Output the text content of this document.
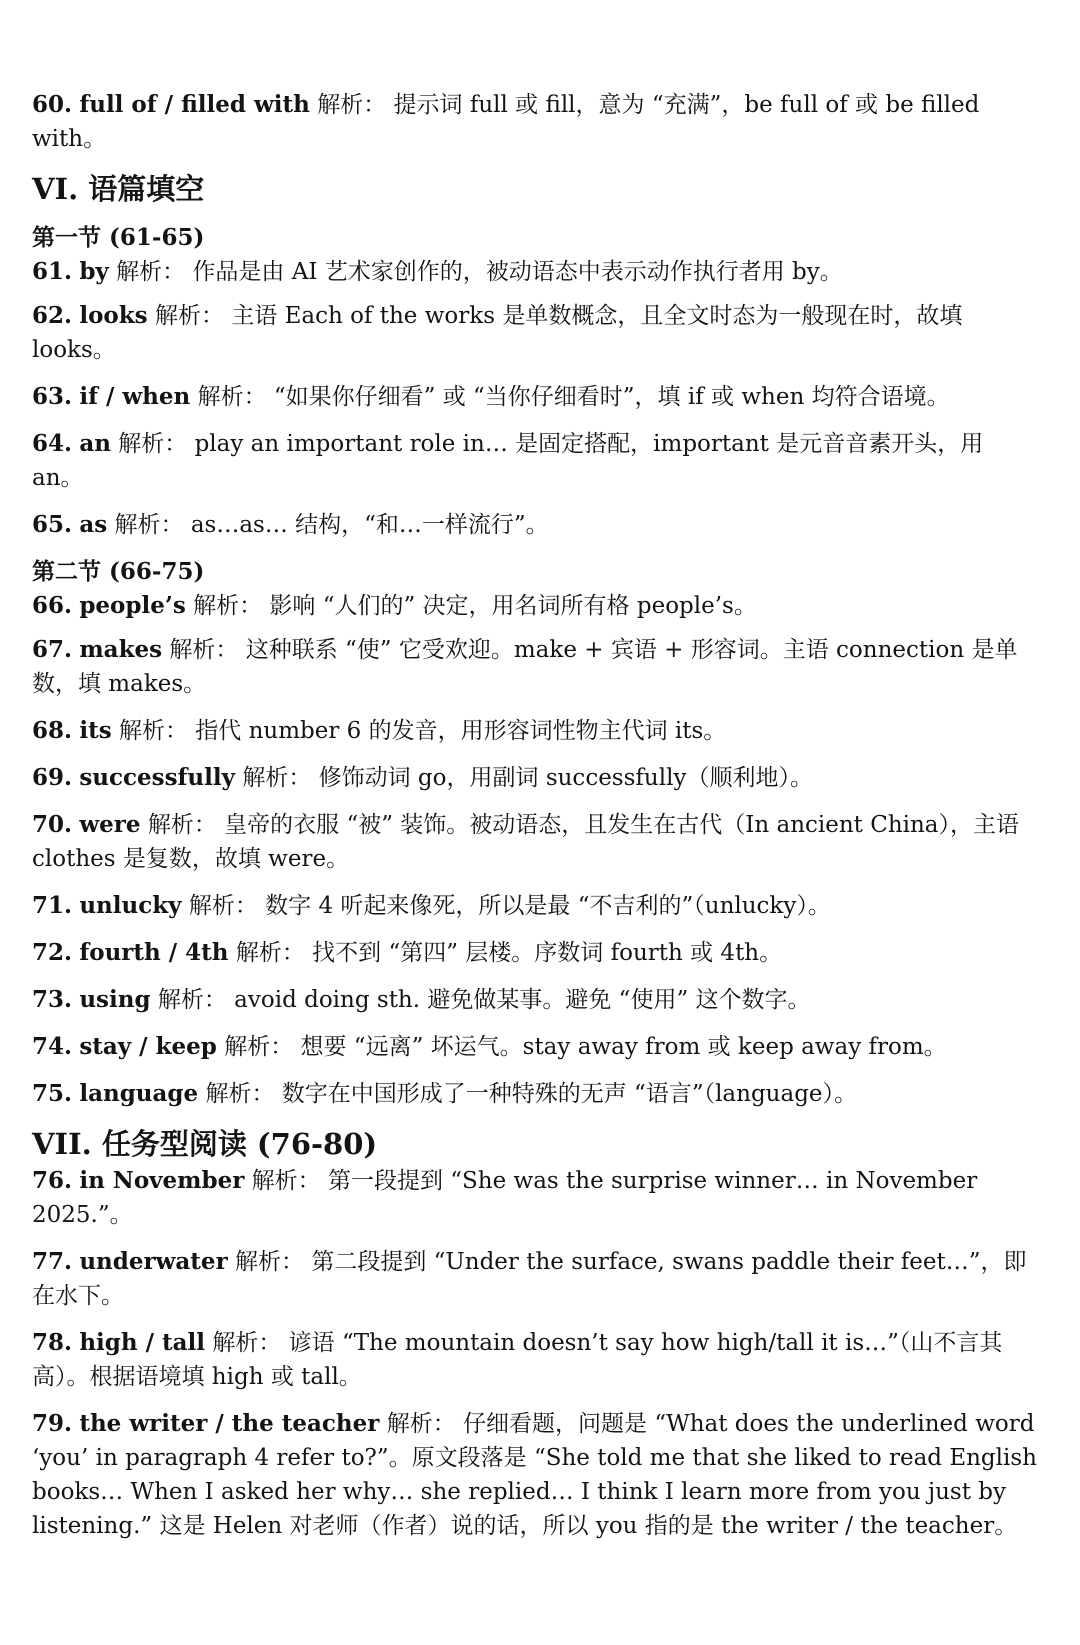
60. full of / filled with 解析： 提示词 full 或 fill，意为 “充满”，be full of 或 be filled with。

VI. 语篇填空
第一节 (61-65)

61. by 解析： 作品是由 AI 艺术家创作的，被动语态中表示动作执行者用 by。

62. looks 解析： 主语 Each of the works 是单数概念，且全文时态为一般现在时，故填 looks。

63. if / when 解析： “如果你仔细看” 或 “当你仔细看时”，填 if 或 when 均符合语境。

64. an 解析： play an important role in… 是固定搭配，important 是元音音素开头，用 an。

65. as 解析： as…as… 结构，“和…一样流行”。

第二节 (66-75)

66. people’s 解析： 影响 “人们的” 决定，用名词所有格 people’s。

67. makes 解析： 这种联系 “使” 它受欢迎。make + 宾语 + 形容词。主语 connection 是单数，填 makes。

68. its 解析： 指代 number 6 的发音，用形容词性物主代词 its。

69. successfully 解析： 修饰动词 go，用副词 successfully（顺利地）。

70. were 解析： 皇帝的衣服 “被” 装饰。被动语态，且发生在古代（In ancient China），主语 clothes 是复数，故填 were。

71. unlucky 解析： 数字 4 听起来像死，所以是最 “不吉利的”（unlucky）。

72. fourth / 4th 解析： 找不到 “第四” 层楼。序数词 fourth 或 4th。

73. using 解析： avoid doing sth. 避免做某事。避免 “使用” 这个数字。

74. stay / keep 解析： 想要 “远离” 坏运气。stay away from 或 keep away from。

75. language 解析： 数字在中国形成了一种特殊的无声 “语言”（language）。

VII. 任务型阅读 (76-80)

76. in November 解析： 第一段提到 “She was the surprise winner… in November 2025.”。

77. underwater 解析： 第二段提到 “Under the surface, swans paddle their feet…”，即在水下。

78. high / tall 解析： 谚语 “The mountain doesn’t say how high/tall it is…”（山不言其高）。根据语境填 high 或 tall。

79. the writer / the teacher 解析： 仔细看题，问题是 “What does the underlined word ‘you’ in paragraph 4 refer to?”。原文段落是 “She told me that she liked to read English books… When I asked her why… she replied… I think I learn more from you just by listening.” 这是 Helen 对老师（作者）说的话，所以 you 指的是 the writer / the teacher。
